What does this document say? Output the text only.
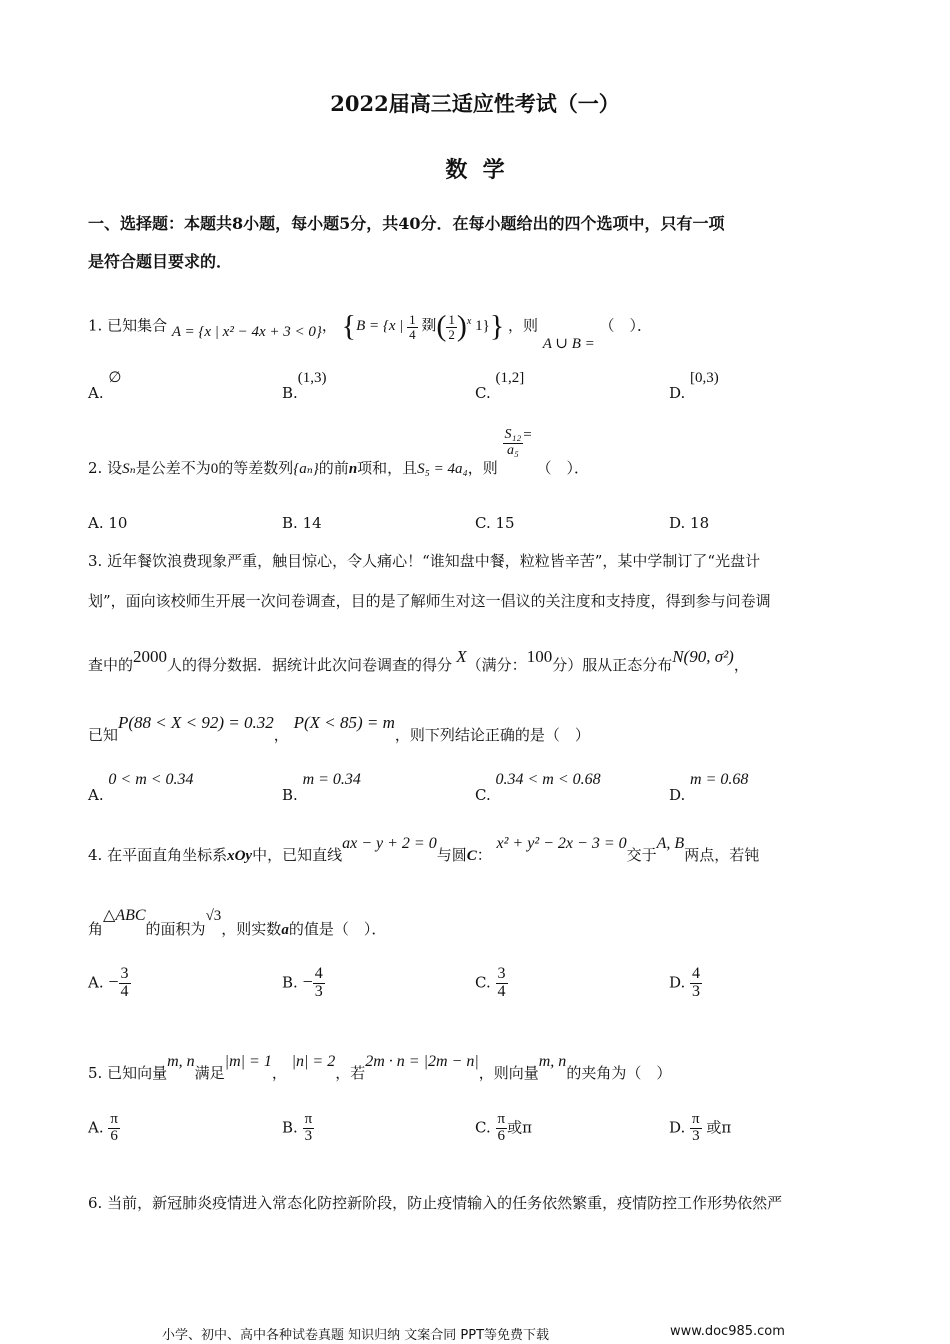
2022届高三适应性考试（一）
数  学
一、选择题：本题共8小题，每小题5分，共40分．在每小题给出的四个选项中，只有一项
是符合题目要求的．
1. 已知集合 A = {x | x² − 4x + 3 < 0}， {B = {x | $\frac{1}{4}$ 剟( $\frac{1}{2} )^x$ 1}} ，则 A ∪ B = （　）．
A. ∅
B.(1,3)
C. (1,2]
D. [0,3)
2. 设Sₙ是公差不为0的等差数列{aₙ}的前n项和，且S₅ = 4a₄，则
$\frac{\text{S₁₂}}{\text{a₅}}$ = （　）．
A. 10	B. 14	C. 15	D. 18
3. 近年餐饮浪费现象严重，触目惊心，令人痛心！“谁知盘中餐，粒粒皆辛苦”，某中学制订了“光盘计
划”，面向该校师生开展一次问卷调查，目的是了解师生对这一倡议的关注度和支持度，得到参与问卷调
查中的2000人的得分数据．据统计此次问卷调查的得分 X（满分：100分）服从正态分布N(90, σ²)，
已知P(88 < X < 92) = 0.32， P(X < 85) = m，则下列结论正确的是（　）
A. 0 < m < 0.34
B. m = 0.34
C. 0.34 < m < 0.68
D. m = 0.68
4. 在平面直角坐标系xOy中，已知直线ax − y + 2 = 0与圆C： x² + y² − 2x − 3 = 0交于A, B两点，若钝
角△ABC的面积为√3，则实数a的值是（　）．
A. − $\frac{3}{4}$	B. − $\frac{4}{3}$	C. $\frac{3}{4}$	D. $\frac{4}{3}$
5. 已知向量m, n满足|m| = 1， |n| = 2，若2m · n = |2m − n|，则向量m, n的夹角为（　）
A. $\frac{\pi}{6}$	B. $\frac{\pi}{3}$	C. $\frac{\pi}{6}$ 或π	D. $\frac{\pi}{3}$ 或π
6. 当前，新冠肺炎疫情进入常态化防控新阶段，防止疫情输入的任务依然繁重，疫情防控工作形势依然严
小学、初中、高中各种试卷真题 知识归纳 文案合同 PPT等免费下载	www.doc985.com
